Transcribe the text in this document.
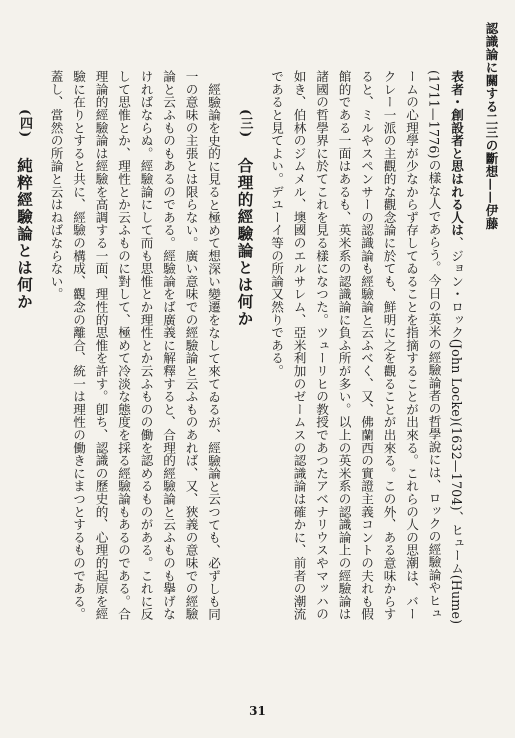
認識論に關する二三の斷想——伊藤

表者・創設者と思はれる人は、ジョン・ロック(John Locke)(1632—1704)、ヒューム(Hume)(1711—1776)の樣な人であらう。今日の英米の經驗論者の哲學說には、ロックの經驗論やヒュームの心理學が少なからず存してゐることを指摘することが出來る。これらの人の思潮は、バークレー一派の主觀的な觀念論に於ても、鮮明に之を觀ることが出來る。この外、ある意味からすると、ミルやスペンサーの認識論も經驗論と云ふべく、又、佛蘭西の實證主義コントの夫れも假館的である一面はあるも、英米系の認識論に負ふ所が多い。以上の英米系の認識論上の經驗論は諸國の哲學界に於てこれを見る樣になつた。ツューリヒの教授であつたアベナリウスやマッハの如き、伯林のジムメル、墺國のエルサレム、亞米利加のゼームスの認識論は確かに、前者の潮流であると見てよい。デユーイ等の所論又然りである。

(三) 合理的經驗論とは何か

經驗論を史的に見ると極めて想深い變遷をなして來てゐるが、經驗論と云つても、必ずしも同一の意味の主張とは限らない。廣い意味での經驗論と云ふものあれば、又、狹義の意味での經驗論と云ふものもあるのである。經驗論をば廣義に解釋すると、合理的經驗論と云ふものも擧げなければならぬ。經驗論にして而も思惟とか理性とか云ふものの働を認めるものがある。これに反して思惟とか、理性とか云ふものに對して、極めて冷淡な態度を採る經驗論もあるのである。合理論的經驗論は經驗を高調する一面、理性的思惟を許す。卽ち、認識の歷史的、心理的起原を經驗に在りとすると共に、經驗の構成、觀念の離合、統一は理性の働きにまつとするものである。蓋し、當然の所論と云はねばならない。

(四) 純粹經驗論とは何か
31
